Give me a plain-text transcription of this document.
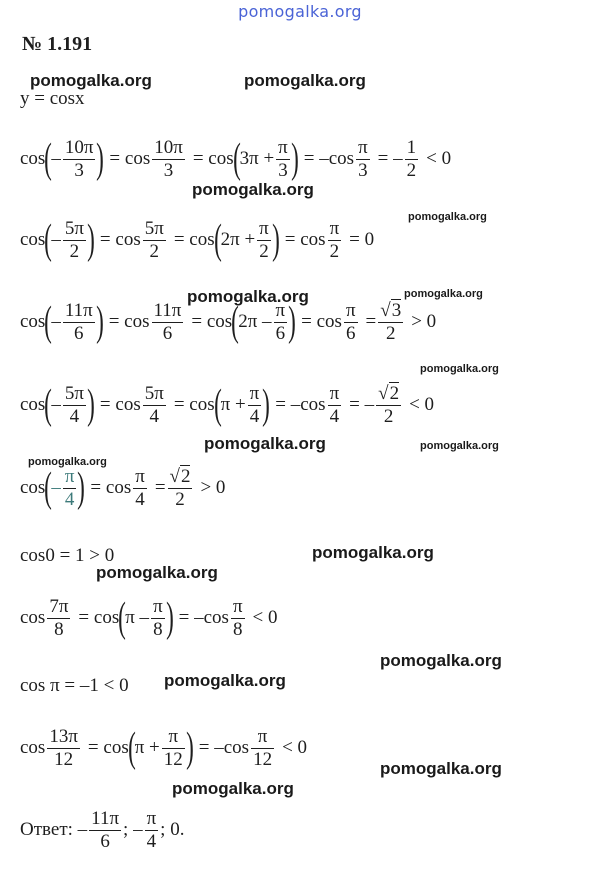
pomogalka.org
№ 1.191
pomogalka.org	pomogalka.org
pomogalka.org
pomogalka.org
pomogalka.org	pomogalka.org
pomogalka.org
pomogalka.org	pomogalka.org
pomogalka.org
pomogalka.org
pomogalka.org
pomogalka.org
pomogalka.org
pomogalka.org
pomogalka.org
y = cosx
cos ( – $\frac{10\pi}{3}$ ) = $\cos \frac{10\pi}{3} = \cos$ ( $3\pi + \frac{\pi}{3}$ ) = $-\cos \frac{\pi}{3}$ = – $\frac{1}{2} < 0$
cos ( – $\frac{5\pi}{2}$ ) = $\cos \frac{5\pi}{2} = \cos$ ( $2\pi + \frac{\pi}{2}$ ) = $\cos \frac{\pi}{2} = 0$
cos ( – $\frac{11\pi}{6}$ ) = $\cos \frac{11\pi}{6} = \cos$ ( $2\pi - \frac{\pi}{6}$ ) = $\cos \frac{\pi}{6} = \frac{√3}{2} > 0$
cos ( – $\frac{5\pi}{4}$ ) = $\cos \frac{5\pi}{4} = \cos$ ( $\pi + \frac{\pi}{4}$ ) = $-\cos \frac{\pi}{4}$ = – $\frac{√2}{2} < 0$
cos ( – $\frac{\pi}{4}$ ) = $\cos \frac{\pi}{4} = \frac{√2}{2} > 0$
cos0 = 1 > 0
$\cos \frac{7\pi}{8} = \cos$ ( π – $\frac{\pi}{8}$ ) = $-\cos \frac{\pi}{8} < 0$
cos π = –1 < 0
$\cos \frac{13\pi}{12} = \cos$ ( $\pi + \frac{\pi}{12}$ ) = $-\cos \frac{\pi}{12} < 0$
Ответ: – $\frac{11\pi}{6}$ ; – $\frac{\pi}{4}$ ; 0.
